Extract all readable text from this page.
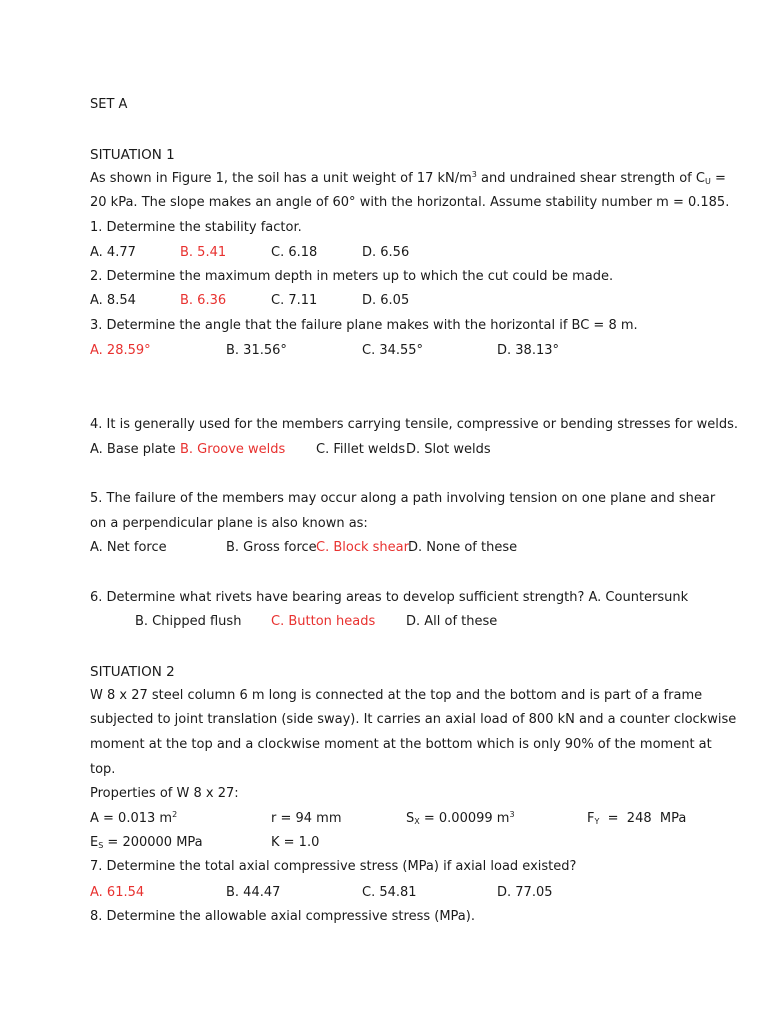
SET A
SITUATION 1
As shown in Figure 1, the soil has a unit weight of 17 $kN/m^3$ and undrained shear strength of $C_U$ =
20 kPa. The slope makes an angle of 60° with the horizontal. Assume stability number m = 0.185.
1. Determine the stability factor.
A. 4.77	B. 5.41	C. 6.18	D. 6.56
2. Determine the maximum depth in meters up to which the cut could be made.
A. 8.54	B. 6.36	C. 7.11	D. 6.05
3. Determine the angle that the failure plane makes with the horizontal if BC = 8 m.
A. 28.59°	B. 31.56°	C. 34.55°	D. 38.13°
4. It is generally used for the members carrying tensile, compressive or bending stresses for welds.
A. Base plate B. Groove welds C. Fillet welds D. Slot welds
5. The failure of the members may occur along a path involving tension on one plane and shear
on a perpendicular plane is also known as:
A. Net force	B. Gross force C. Block shear D. None of these
6. Determine what rivets have bearing areas to develop sufficient strength? A. Countersunk
B. Chipped flush C. Button heads D. All of these
SITUATION 2
W 8 x 27 steel column 6 m long is connected at the top and the bottom and is part of a frame
subjected to joint translation (side sway). It carries an axial load of 800 kN and a counter clockwise
moment at the top and a clockwise moment at the bottom which is only 90% of the moment at
top.
Properties of W 8 x 27:
A = 0.013 $m^2$	r = 94 mm	$S_X = 0.00099$ $m^3$	$F_Y = 248$  MPa
$E_S = 200000$ MPa	K = 1.0
7. Determine the total axial compressive stress (MPa) if axial load existed?
A. 61.54	B. 44.47	C. 54.81	D. 77.05
8. Determine the allowable axial compressive stress (MPa).
